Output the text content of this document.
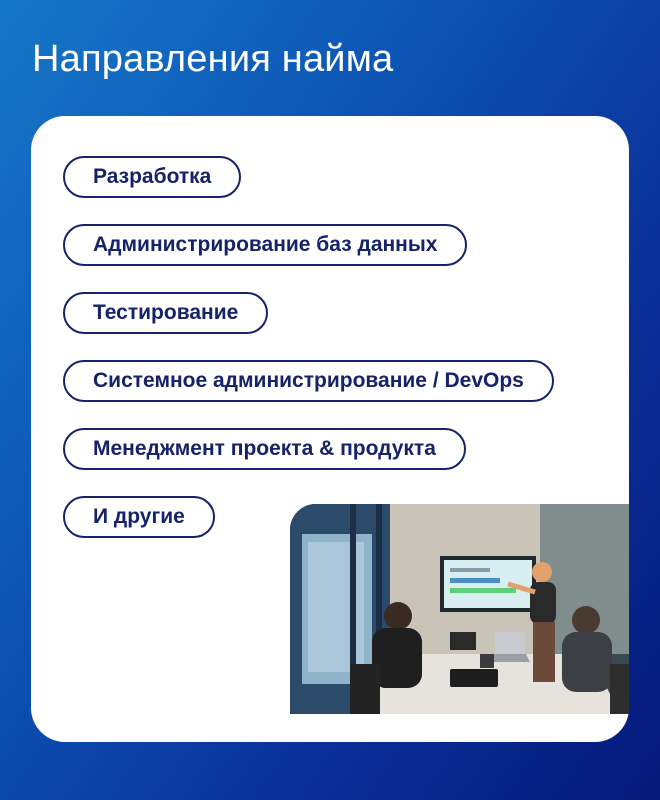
Направления найма
Разработка
Администрирование баз данных
Тестирование
Системное администрирование / DevOps
Менеджмент проекта & продукта
И другие
